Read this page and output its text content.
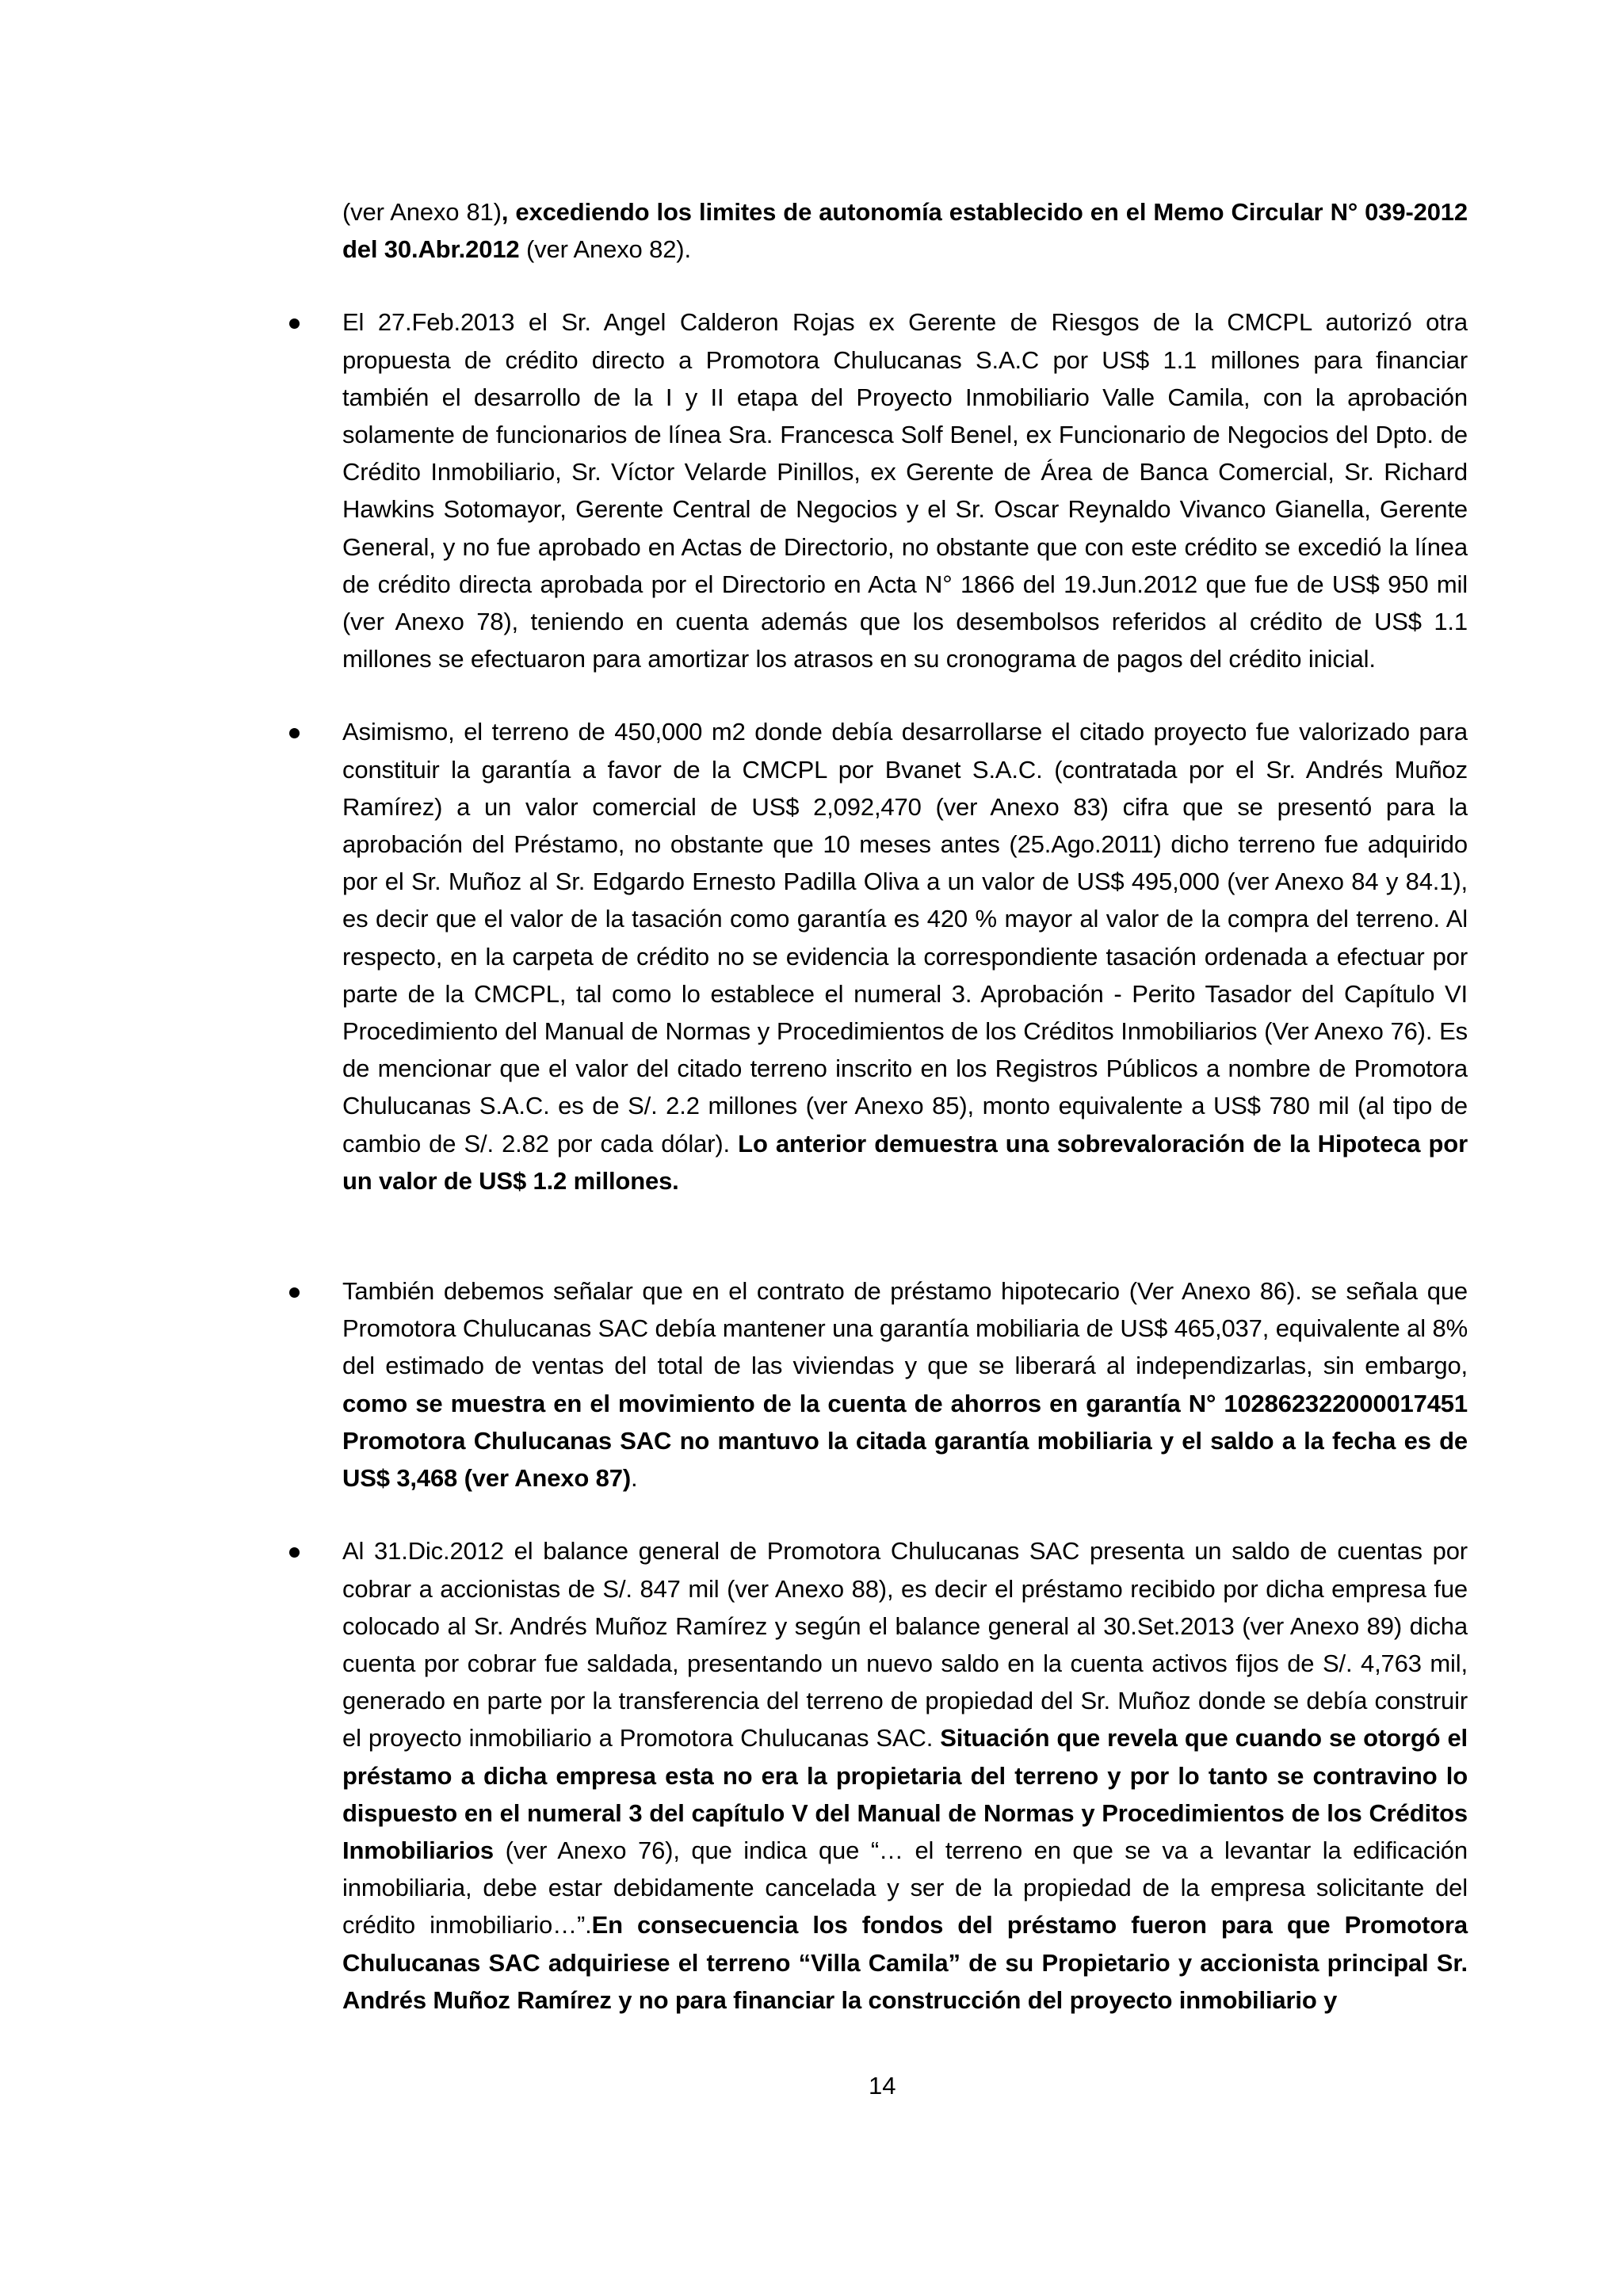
(ver Anexo 81), excediendo los limites de autonomía establecido en el Memo Circular N° 039-2012 del 30.Abr.2012 (ver Anexo 82).

El 27.Feb.2013 el Sr. Angel Calderon Rojas ex Gerente de Riesgos de la CMCPL autorizó otra propuesta de crédito directo a Promotora Chulucanas S.A.C por US$ 1.1 millones para financiar también el desarrollo de la I y II etapa del Proyecto Inmobiliario Valle Camila, con la aprobación solamente de funcionarios de línea Sra. Francesca Solf Benel, ex Funcionario de Negocios del Dpto. de Crédito Inmobiliario, Sr. Víctor Velarde Pinillos, ex Gerente de Área de Banca Comercial, Sr. Richard Hawkins Sotomayor, Gerente Central de Negocios y el Sr. Oscar Reynaldo Vivanco Gianella, Gerente General, y no fue aprobado en Actas de Directorio, no obstante que con este crédito se excedió la línea de crédito directa aprobada por el Directorio en Acta N° 1866 del 19.Jun.2012 que fue de US$ 950 mil (ver Anexo 78), teniendo en cuenta además que los desembolsos referidos al crédito de US$ 1.1 millones se efectuaron para amortizar los atrasos en su cronograma de pagos del crédito inicial.

Asimismo, el terreno de 450,000 m2 donde debía desarrollarse el citado proyecto fue valorizado para constituir la garantía a favor de la CMCPL por Bvanet S.A.C. (contratada por el Sr. Andrés Muñoz Ramírez) a un valor comercial de US$ 2,092,470 (ver Anexo 83) cifra que se presentó para la aprobación del Préstamo, no obstante que 10 meses antes (25.Ago.2011) dicho terreno fue adquirido por el Sr. Muñoz al Sr. Edgardo Ernesto Padilla Oliva a un valor de US$ 495,000 (ver Anexo 84 y 84.1), es decir que el valor de la tasación como garantía es 420 % mayor al valor de la compra del terreno. Al respecto, en la carpeta de crédito no se evidencia la correspondiente tasación ordenada a efectuar por parte de la CMCPL, tal como lo establece el numeral 3. Aprobación - Perito Tasador del Capítulo VI Procedimiento del Manual de Normas y Procedimientos de los Créditos Inmobiliarios (Ver Anexo 76). Es de mencionar que el valor del citado terreno inscrito en los Registros Públicos a nombre de Promotora Chulucanas S.A.C. es de S/. 2.2 millones (ver Anexo 85), monto equivalente a US$ 780 mil (al tipo de cambio de S/. 2.82 por cada dólar). Lo anterior demuestra una sobrevaloración de la Hipoteca por un valor de US$ 1.2 millones.

También debemos señalar que en el contrato de préstamo hipotecario (Ver Anexo 86). se señala que Promotora Chulucanas SAC debía mantener una garantía mobiliaria de US$ 465,037, equivalente al 8% del estimado de ventas del total de las viviendas y que se liberará al independizarlas, sin embargo, como se muestra en el movimiento de la cuenta de ahorros en garantía N° 102862322000017451 Promotora Chulucanas SAC no mantuvo la citada garantía mobiliaria y el saldo a la fecha es de US$ 3,468 (ver Anexo 87).

Al 31.Dic.2012 el balance general de Promotora Chulucanas SAC presenta un saldo de cuentas por cobrar a accionistas de S/. 847 mil (ver Anexo 88), es decir el préstamo recibido por dicha empresa fue colocado al Sr. Andrés Muñoz Ramírez y según el balance general al 30.Set.2013 (ver Anexo 89) dicha cuenta por cobrar fue saldada, presentando un nuevo saldo en la cuenta activos fijos de S/. 4,763 mil, generado en parte por la transferencia del terreno de propiedad del Sr. Muñoz donde se debía construir el proyecto inmobiliario a Promotora Chulucanas SAC. Situación que revela que cuando se otorgó el préstamo a dicha empresa esta no era la propietaria del terreno y por lo tanto se contravino lo dispuesto en el numeral 3 del capítulo V del Manual de Normas y Procedimientos de los Créditos Inmobiliarios (ver Anexo 76), que indica que “… el terreno en que se va a levantar la edificación inmobiliaria, debe estar debidamente cancelada y ser de la propiedad de la empresa solicitante del crédito inmobiliario…”.En consecuencia los fondos del préstamo fueron para que Promotora Chulucanas SAC adquiriese el terreno “Villa Camila” de su Propietario y accionista principal Sr. Andrés Muñoz Ramírez y no para financiar la construcción del proyecto inmobiliario y

14
